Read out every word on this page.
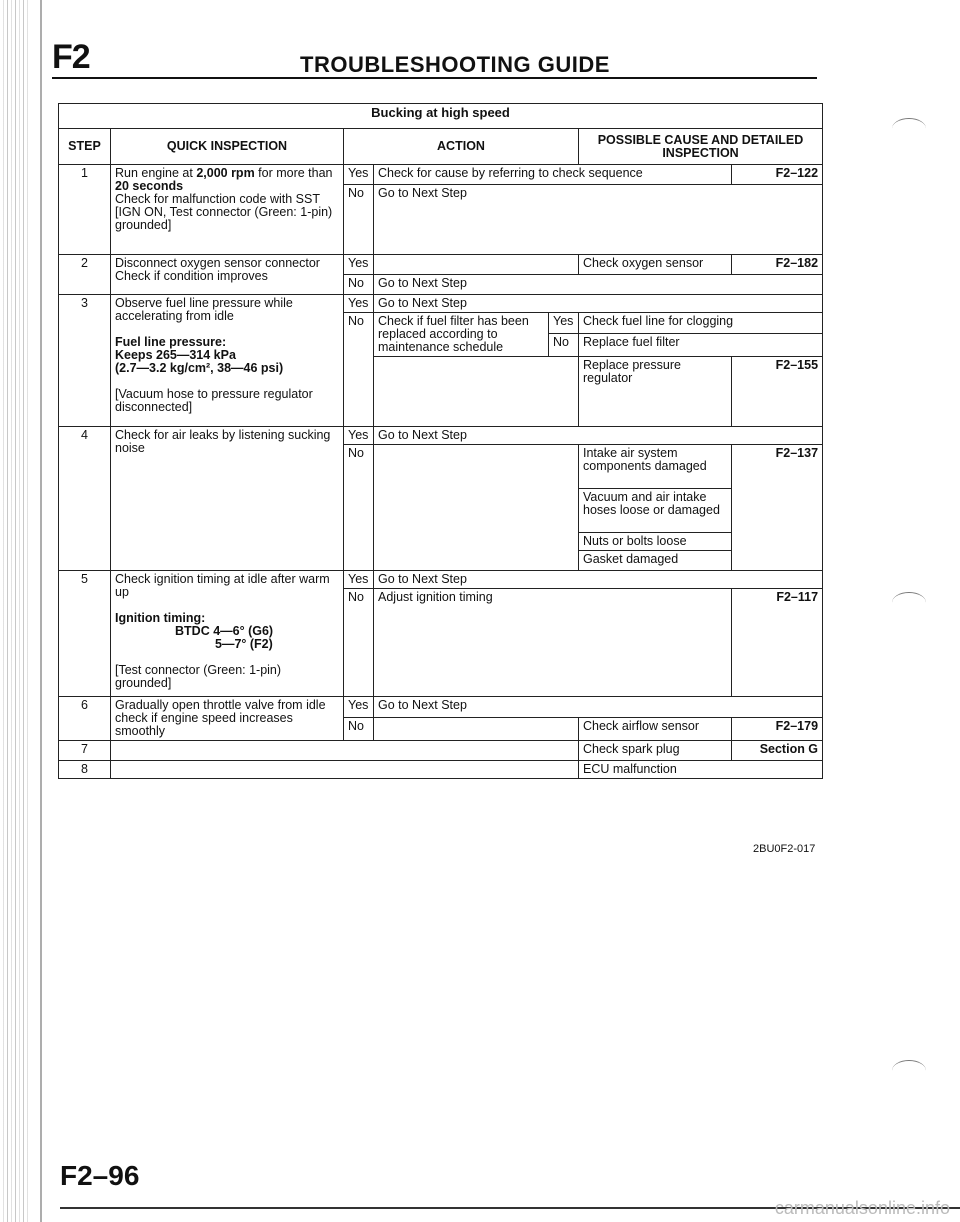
F2	TROUBLESHOOTING GUIDE
Bucking at high speed						
STEP	QUICK INSPECTION	ACTION			POSSIBLE CAUSE AND DETAILED INSPECTION	
1	Run engine at 2,000 rpm for more than 20 seconds
Check for malfunction code with SST
[IGN ON, Test connector (Green: 1-pin) grounded]	Yes	Check for cause by referring to check sequence			F2–122
		No	Go to Next Step			
2	Disconnect oxygen sensor connector
Check if condition improves	Yes			Check oxygen sensor	F2–182
		No	Go to Next Step			
3	Observe fuel line pressure while accelerating from idle

Fuel line pressure:
Keeps 265—314 kPa
(2.7—3.2 kg/cm², 38—46 psi)

[Vacuum hose to pressure regulator disconnected]	Yes	Go to Next Step			
		No	Check if fuel filter has been replaced according to maintenance schedule	Yes	Check fuel line for clogging	
				No	Replace fuel filter	
					Replace pressure regulator	F2–155
4	Check for air leaks by listening sucking noise	Yes	Go to Next Step			
		No			Intake air system components damaged	F2–137
					Vacuum and air intake hoses loose or damaged	
					Nuts or bolts loose	
					Gasket damaged	
5	Check ignition timing at idle after warm up

Ignition timing:

BTDC 4—6° (G6)
5—7° (F2)

[Test connector (Green: 1-pin) grounded]	Yes	Go to Next Step			
		No	Adjust ignition timing			F2–117
6	Gradually open throttle valve from idle check if engine speed increases smoothly	Yes	Go to Next Step			
		No			Check airflow sensor	F2–179
7					Check spark plug	Section G
8					ECU malfunction	
2BU0F2-017
F2–96
carmanualsonline.info
